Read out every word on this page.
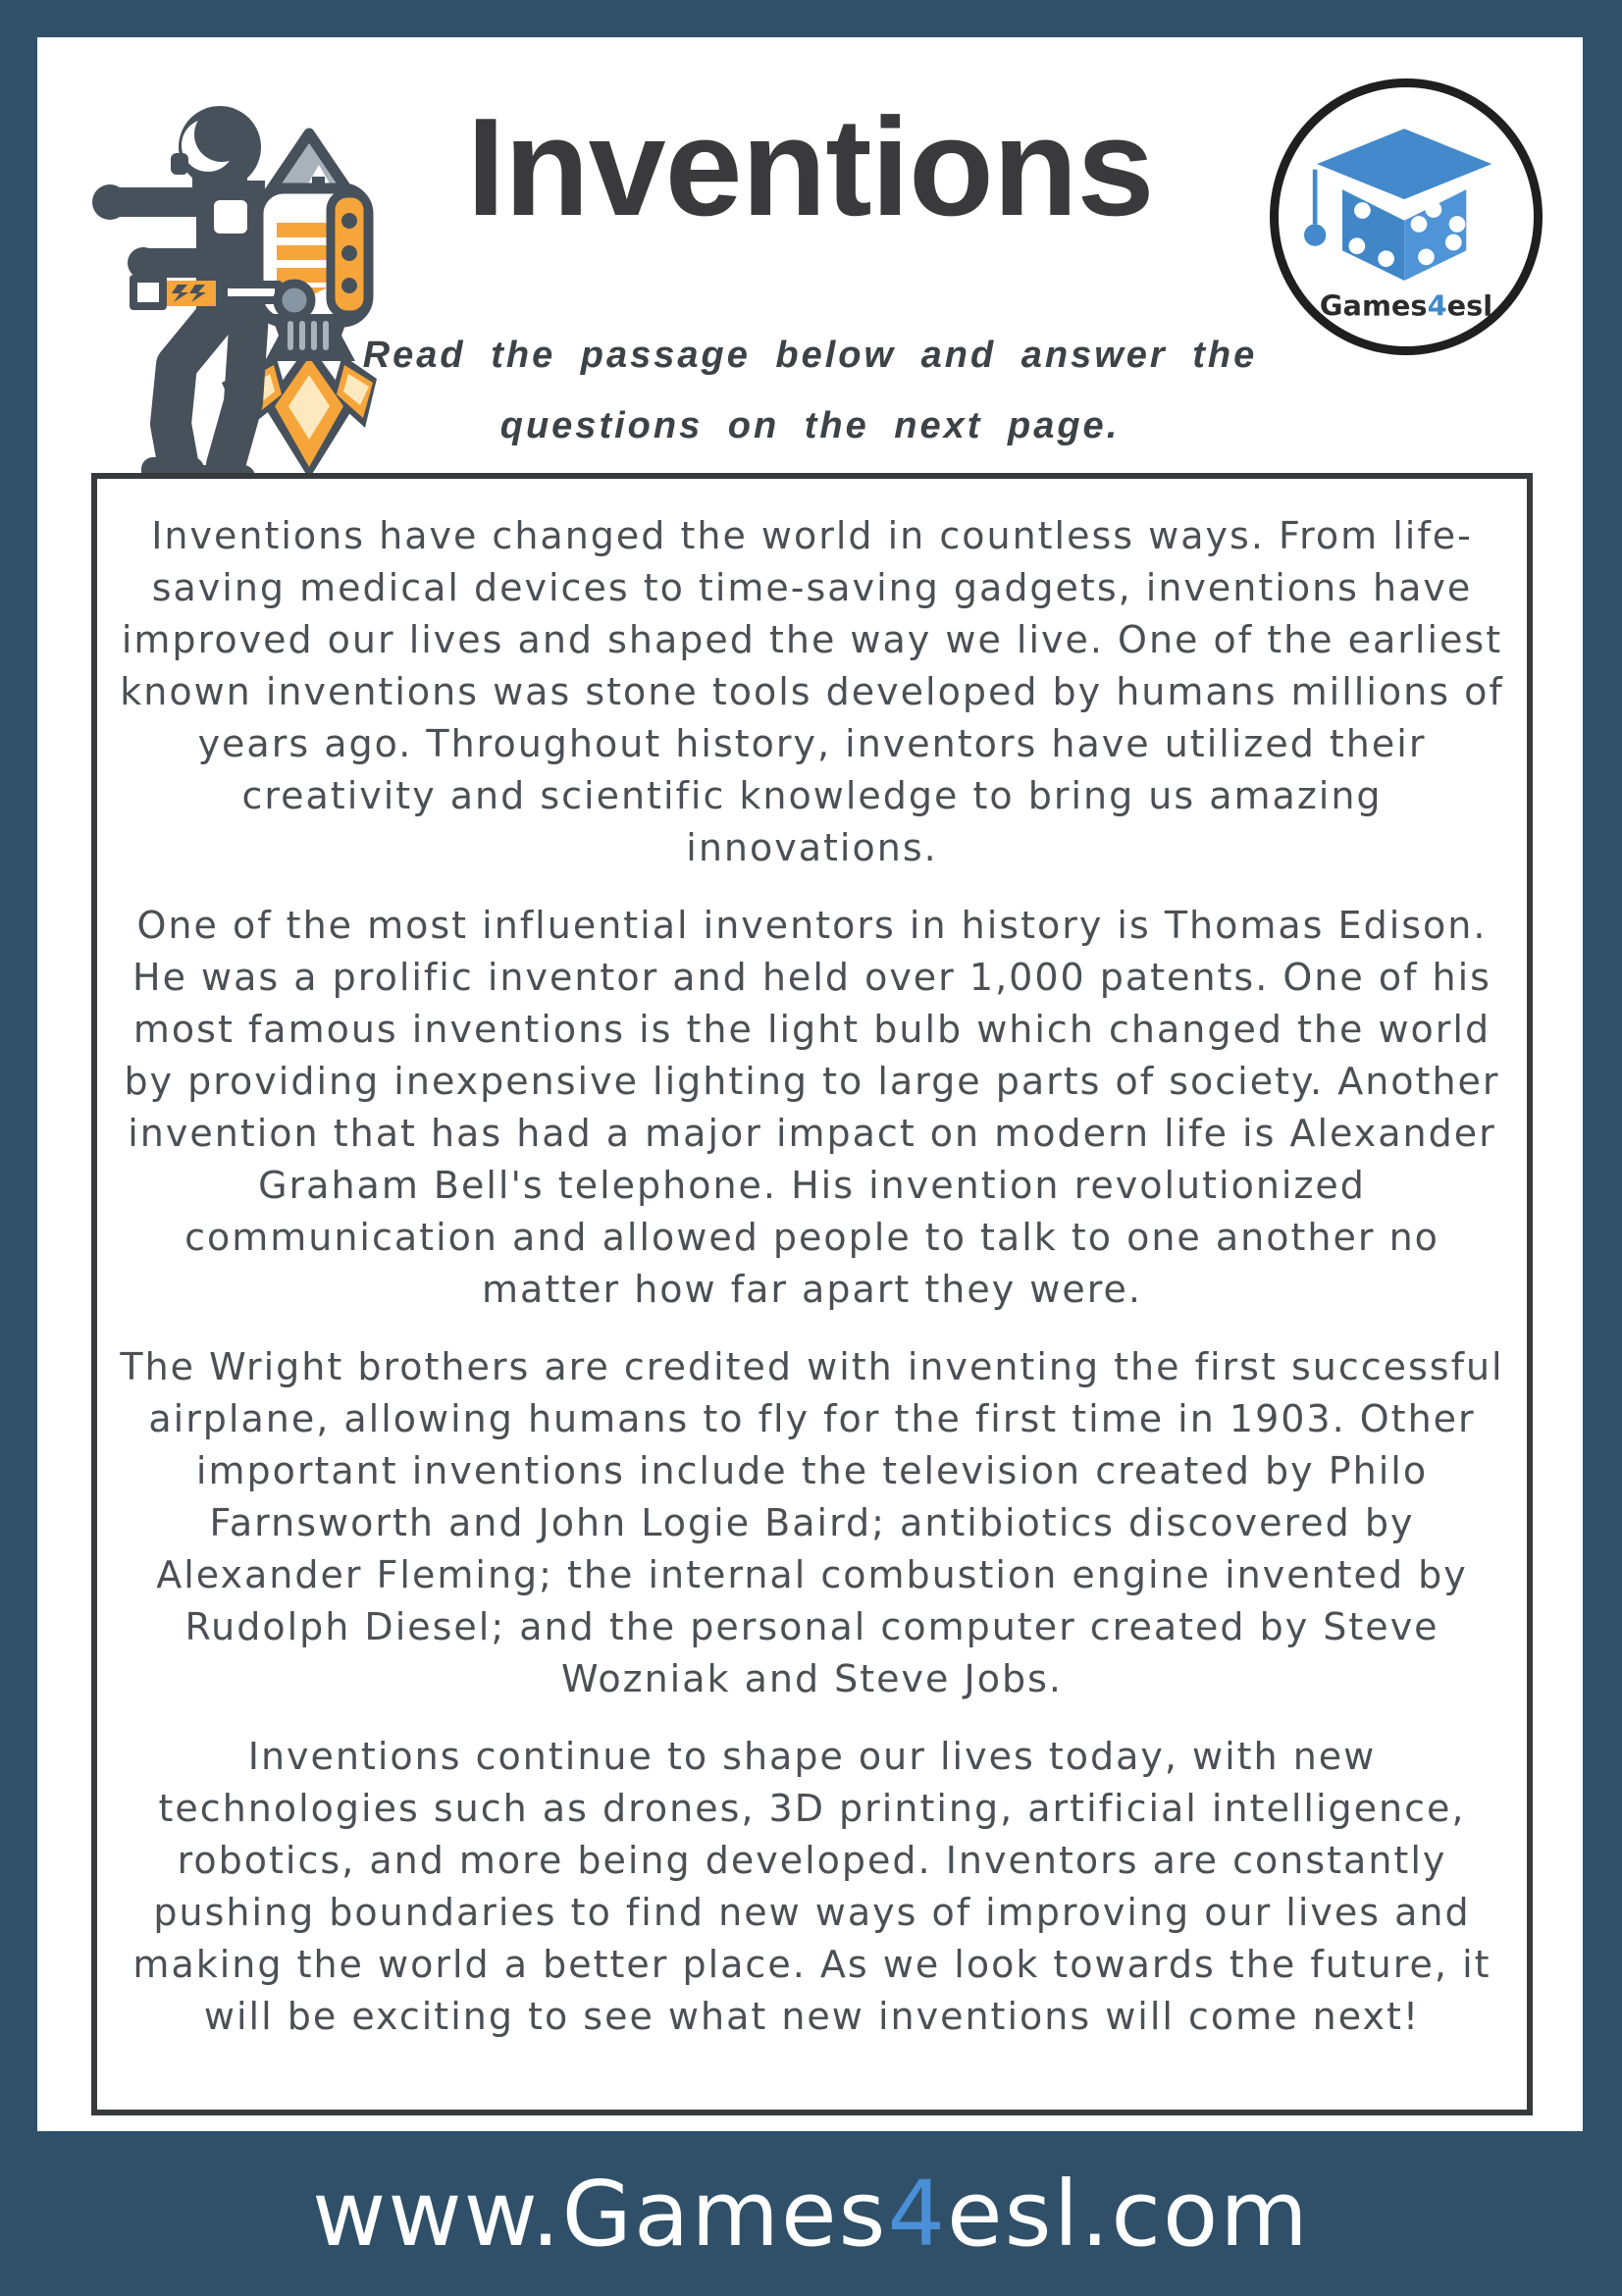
Inventions
Read the passage below and answer the
questions on the next page.
Games4esl

Inventions have changed the world in countless ways. From life-saving medical devices to time-saving gadgets, inventions have improved our lives and shaped the way we live. One of the earliest known inventions was stone tools developed by humans millions of years ago. Throughout history, inventors have utilized their creativity and scientific knowledge to bring us amazing innovations.

One of the most influential inventors in history is Thomas Edison. He was a prolific inventor and held over 1,000 patents. One of his most famous inventions is the light bulb which changed the world by providing inexpensive lighting to large parts of society. Another invention that has had a major impact on modern life is Alexander Graham Bell's telephone. His invention revolutionized communication and allowed people to talk to one another no matter how far apart they were.

The Wright brothers are credited with inventing the first successful airplane, allowing humans to fly for the first time in 1903. Other important inventions include the television created by Philo Farnsworth and John Logie Baird; antibiotics discovered by Alexander Fleming; the internal combustion engine invented by Rudolph Diesel; and the personal computer created by Steve Wozniak and Steve Jobs.

Inventions continue to shape our lives today, with new technologies such as drones, 3D printing, artificial intelligence, robotics, and more being developed. Inventors are constantly pushing boundaries to find new ways of improving our lives and making the world a better place. As we look towards the future, it will be exciting to see what new inventions will come next!

www.Games 4 esl.com
